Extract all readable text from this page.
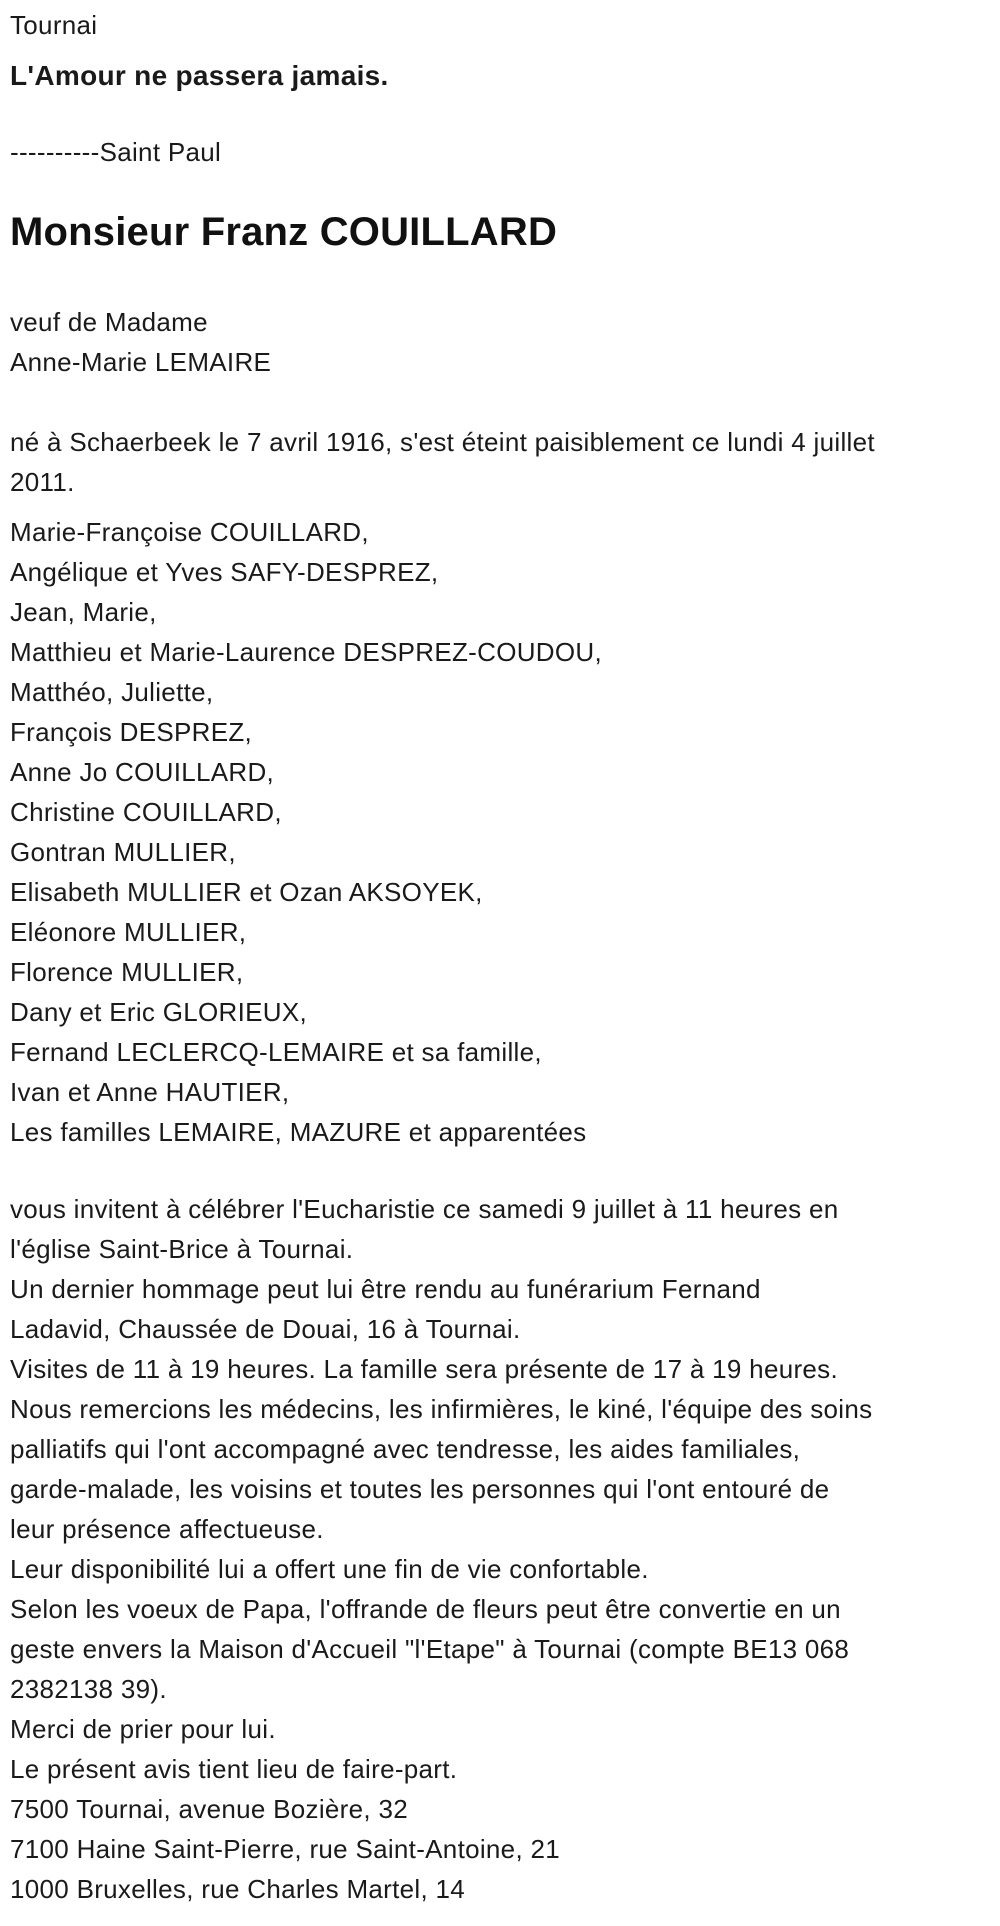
Tournai

L'Amour ne passera jamais.

----------Saint Paul

Monsieur Franz COUILLARD
veuf de Madame
Anne-Marie LEMAIRE
né à Schaerbeek le 7 avril 1916, s'est éteint paisiblement ce lundi 4 juillet
2011.
Marie-Françoise COUILLARD,
Angélique et Yves SAFY-DESPREZ,
Jean, Marie,
Matthieu et Marie-Laurence DESPREZ-COUDOU,
Matthéo, Juliette,
François DESPREZ,
Anne Jo COUILLARD,
Christine COUILLARD,
Gontran MULLIER,
Elisabeth MULLIER et Ozan AKSOYEK,
Eléonore MULLIER,
Florence MULLIER,
Dany et Eric GLORIEUX,
Fernand LECLERCQ-LEMAIRE et sa famille,
Ivan et Anne HAUTIER,
Les familles LEMAIRE, MAZURE et apparentées
vous invitent à célébrer l'Eucharistie ce samedi 9 juillet à 11 heures en
l'église Saint-Brice à Tournai.
Un dernier hommage peut lui être rendu au funérarium Fernand
Ladavid, Chaussée de Douai, 16 à Tournai.
Visites de 11 à 19 heures. La famille sera présente de 17 à 19 heures.
Nous remercions les médecins, les infirmières, le kiné, l'équipe des soins
palliatifs qui l'ont accompagné avec tendresse, les aides familiales,
garde-malade, les voisins et toutes les personnes qui l'ont entouré de
leur présence affectueuse.
Leur disponibilité lui a offert une fin de vie confortable.
Selon les voeux de Papa, l'offrande de fleurs peut être convertie en un
geste envers la Maison d'Accueil "l'Etape" à Tournai (compte BE13 068
2382138 39).
Merci de prier pour lui.
Le présent avis tient lieu de faire-part.
7500 Tournai, avenue Bozière, 32
7100 Haine Saint-Pierre, rue Saint-Antoine, 21
1000 Bruxelles, rue Charles Martel, 14
